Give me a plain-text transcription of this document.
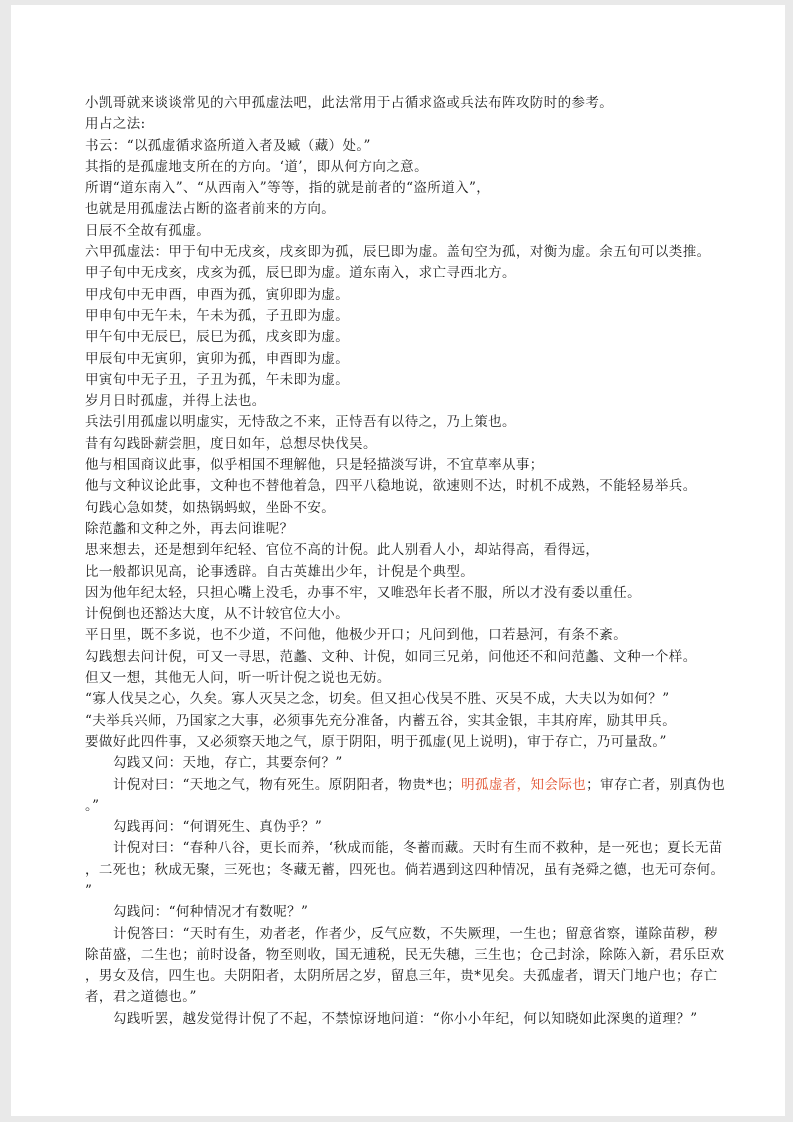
小凯哥就来谈谈常见的六甲孤虚法吧，此法常用于占循求盗或兵法布阵攻防时的参考。

用占之法:

书云：“以孤虚循求盗所道入者及臧（藏）处。”

其指的是孤虚地支所在的方向。‘道’，即从何方向之意。

所谓“道东南入”、“从西南入”等等，指的就是前者的“盗所道入”，

也就是用孤虚法占断的盗者前来的方向。

日辰不全故有孤虚。

六甲孤虚法：甲于旬中无戌亥，戌亥即为孤，辰巳即为虚。盖旬空为孤，对衡为虚。余五旬可以类推。

甲子旬中无戌亥，戌亥为孤，辰巳即为虚。道东南入，求亡寻西北方。

甲戌旬中无申酉，申酉为孤，寅卯即为虚。

甲申旬中无午未，午未为孤，子丑即为虚。

甲午旬中无辰巳，辰巳为孤，戌亥即为虚。

甲辰旬中无寅卯，寅卯为孤，申酉即为虚。

甲寅旬中无子丑，子丑为孤，午未即为虚。

岁月日时孤虚，并得上法也。

兵法引用孤虚以明虚实，无恃敌之不来，正恃吾有以待之，乃上策也。

昔有勾践卧薪尝胆，度日如年，总想尽快伐吴。

他与相国商议此事，似乎相国不理解他，只是轻描淡写讲，不宜草率从事；

他与文种议论此事，文种也不替他着急，四平八稳地说，欲速则不达，时机不成熟，不能轻易举兵。

句践心急如焚，如热锅蚂蚁，坐卧不安。

除范蠡和文种之外，再去问谁呢？

思来想去，还是想到年纪轻、官位不高的计倪。此人别看人小，却站得高，看得远，

比一般都识见高，论事透辟。自古英雄出少年，计倪是个典型。

因为他年纪太轻，只担心嘴上没毛，办事不牢，又唯恐年长者不服，所以才没有委以重任。

计倪倒也还豁达大度，从不计较官位大小。

平日里，既不多说，也不少道，不问他，他极少开口；凡问到他，口若悬河，有条不紊。

勾践想去问计倪，可又一寻思，范蠡、文种、计倪，如同三兄弟，问他还不和问范蠡、文种一个样。

但又一想，其他无人问，听一听计倪之说也无妨。

“寡人伐吴之心，久矣。寡人灭吴之念，切矣。但又担心伐吴不胜、灭吴不成，大夫以为如何？”

“夫举兵兴师，乃国家之大事，必须事先充分准备，内蓄五谷，实其金银，丰其府库，励其甲兵。

要做好此四件事，又必须察天地之气，原于阴阳，明于孤虚(见上说明)，审于存亡，乃可量敌。”

勾践又问：天地，存亡，其要奈何？”

计倪对曰：“天地之气，物有死生。原阴阳者，物贵*也；明孤虚者，知会际也；审存亡者，别真伪也

。”

勾践再问：“何谓死生、真伪乎？”

计倪对曰：“春种八谷，更长而养，‘秋成而能，冬蓄而藏。天时有生而不救种，是一死也；夏长无苗

，二死也；秋成无聚，三死也；冬藏无蓄，四死也。倘若遇到这四种情况，虽有尧舜之德，也无可奈何。

”

勾践问：“何种情况才有数呢？”

计倪答曰：“天时有生，劝者老，作者少，反气应数，不失厥理，一生也；留意省察，谨除苗秽，秽

除苗盛，二生也；前时设备，物至则收，国无逋税，民无失穗，三生也；仓己封涂，除陈入新，君乐臣欢

，男女及信，四生也。夫阴阳者，太阴所居之岁，留息三年，贵*见矣。夫孤虚者，谓天门地户也；存亡

者，君之道德也。”

勾践听罢，越发觉得计倪了不起，不禁惊讶地问道：“你小小年纪，何以知晓如此深奥的道理？”
